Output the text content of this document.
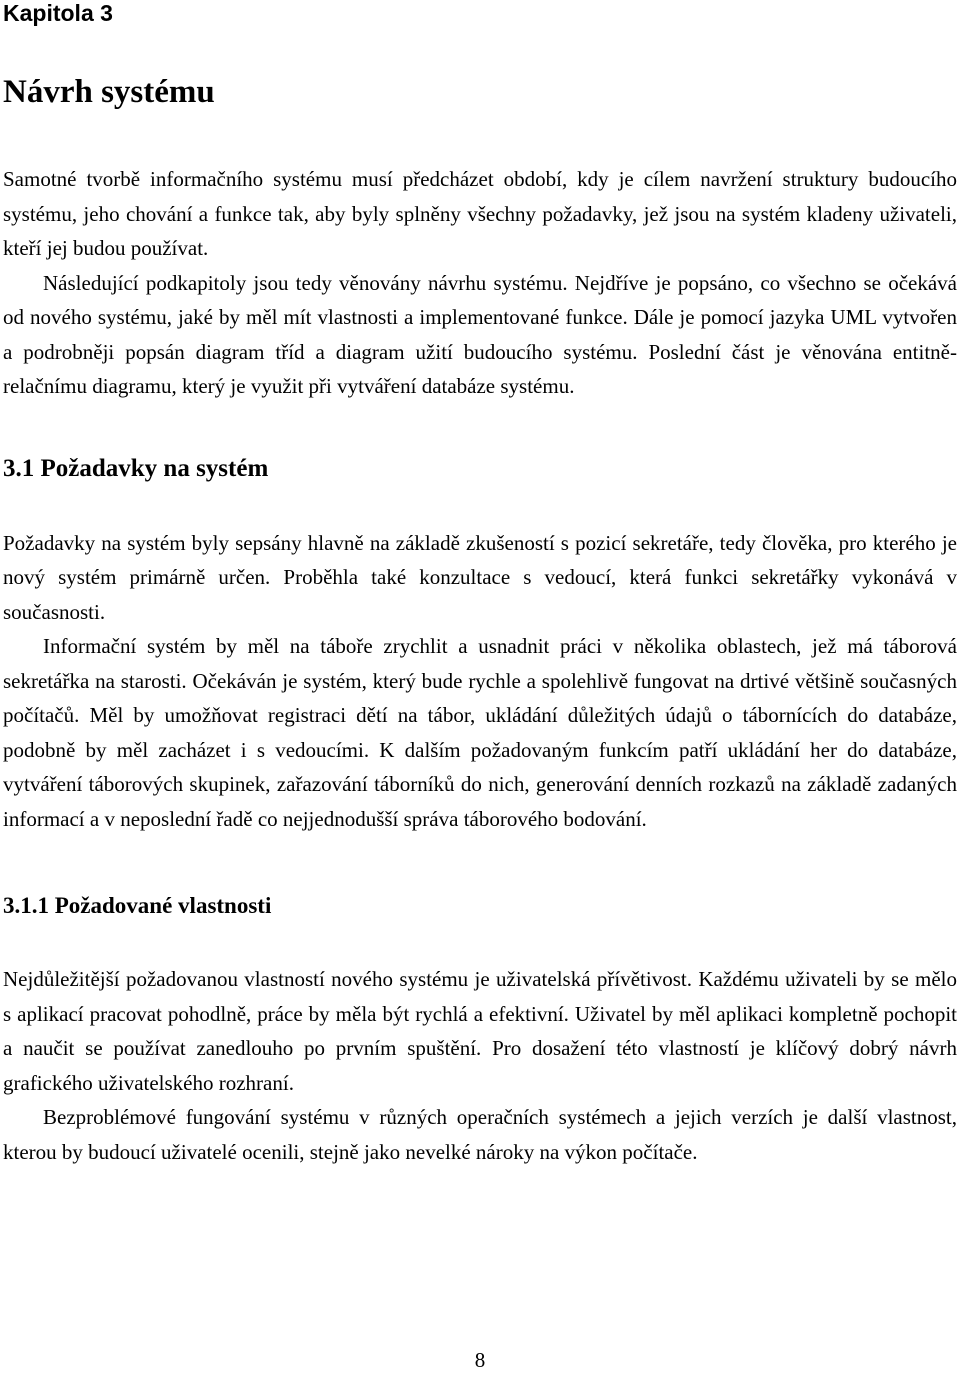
Kapitola 3
Návrh systému

Samotné tvorbě informačního systému musí předcházet období, kdy je cílem navržení struktury budoucího systému, jeho chování a funkce tak, aby byly splněny všechny požadavky, jež jsou na systém kladeny uživateli, kteří jej budou používat.

Následující podkapitoly jsou tedy věnovány návrhu systému. Nejdříve je popsáno, co všechno se očekává od nového systému, jaké by měl mít vlastnosti a implementované funkce. Dále je pomocí jazyka UML vytvořen a podrobněji popsán diagram tříd a diagram užití budoucího systému. Poslední část je věnována entitně-relačnímu diagramu, který je využit při vytváření databáze systému.

3.1 Požadavky na systém

Požadavky na systém byly sepsány hlavně na základě zkušeností s pozicí sekretáře, tedy člověka, pro kterého je nový systém primárně určen. Proběhla také konzultace s vedoucí, která funkci sekretářky vykonává v současnosti.

Informační systém by měl na táboře zrychlit a usnadnit práci v několika oblastech, jež má táborová sekretářka na starosti. Očekáván je systém, který bude rychle a spolehlivě fungovat na drtivé většině současných počítačů. Měl by umožňovat registraci dětí na tábor, ukládání důležitých údajů o tábornících do databáze, podobně by měl zacházet i s vedoucími. K dalším požadovaným funkcím patří ukládání her do databáze, vytváření táborových skupinek, zařazování táborníků do nich, generování denních rozkazů na základě zadaných informací a v neposlední řadě co nejjednodušší správa táborového bodování.

3.1.1 Požadované vlastnosti

Nejdůležitější požadovanou vlastností nového systému je uživatelská přívětivost. Každému uživateli by se mělo s aplikací pracovat pohodlně, práce by měla být rychlá a efektivní. Uživatel by měl aplikaci kompletně pochopit a naučit se používat zanedlouho po prvním spuštění. Pro dosažení této vlastností je klíčový dobrý návrh grafického uživatelského rozhraní.

Bezproblémové fungování systému v různých operačních systémech a jejich verzích je další vlastnost, kterou by budoucí uživatelé ocenili, stejně jako nevelké nároky na výkon počítače.

8
